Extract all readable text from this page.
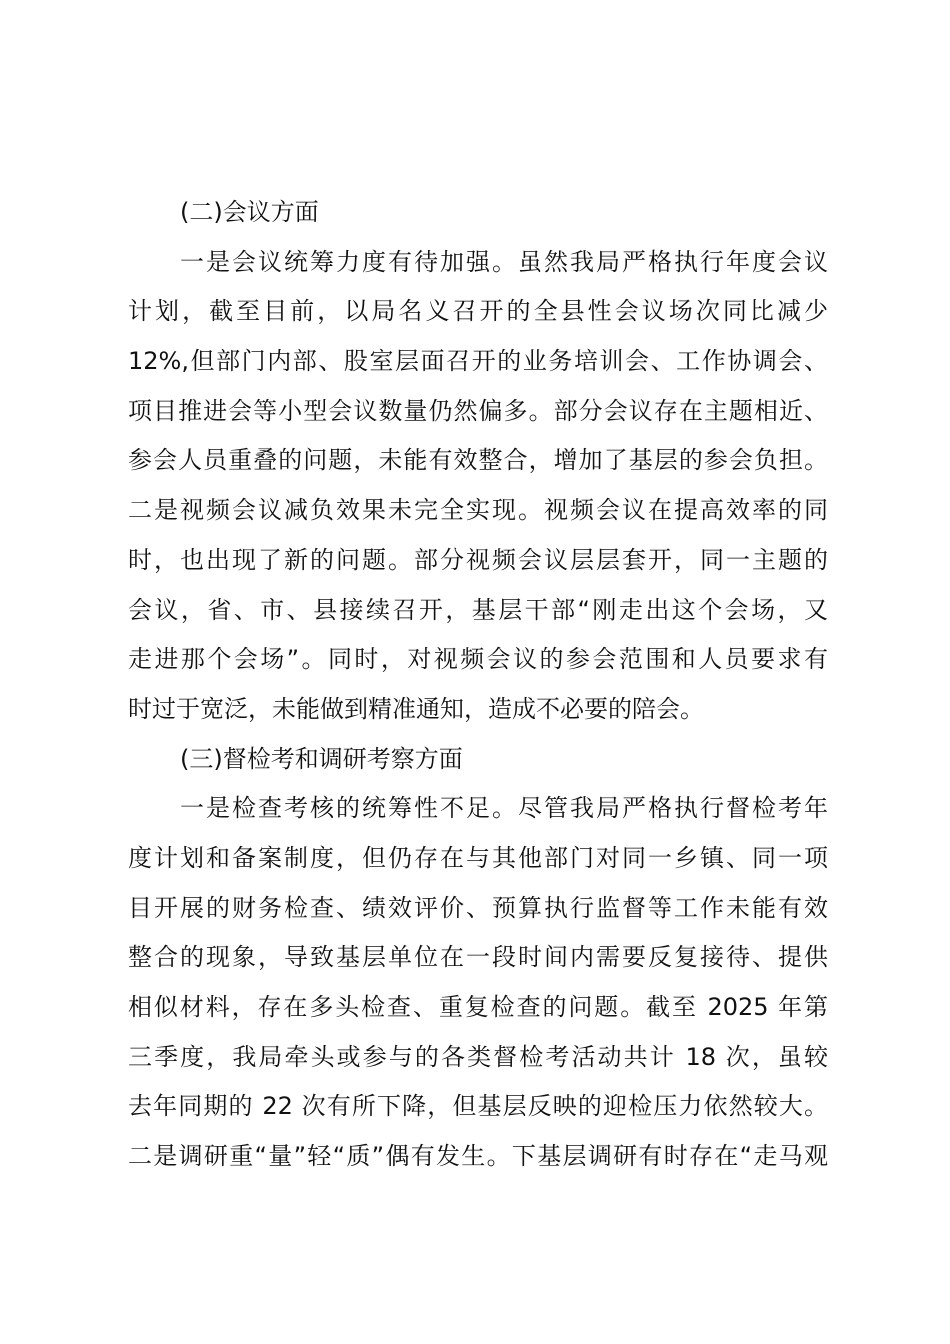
(二)会议方面
一是会议统筹力度有待加强。虽然我局严格执行年度会议
计划，截至目前，以局名义召开的全县性会议场次同比减少
12%,但部门内部、股室层面召开的业务培训会、工作协调会、
项目推进会等小型会议数量仍然偏多。部分会议存在主题相近、
参会人员重叠的问题，未能有效整合，增加了基层的参会负担。
二是视频会议减负效果未完全实现。视频会议在提高效率的同
时，也出现了新的问题。部分视频会议层层套开，同一主题的
会议，省、市、县接续召开，基层干部“刚走出这个会场，又
走进那个会场”。同时，对视频会议的参会范围和人员要求有
时过于宽泛，未能做到精准通知，造成不必要的陪会。
(三)督检考和调研考察方面
一是检查考核的统筹性不足。尽管我局严格执行督检考年
度计划和备案制度，但仍存在与其他部门对同一乡镇、同一项
目开展的财务检查、绩效评价、预算执行监督等工作未能有效
整合的现象，导致基层单位在一段时间内需要反复接待、提供
相似材料，存在多头检查、重复检查的问题。截至 2025 年第
三季度，我局牵头或参与的各类督检考活动共计 18 次，虽较
去年同期的 22 次有所下降，但基层反映的迎检压力依然较大。
二是调研重“量”轻“质”偶有发生。下基层调研有时存在“走马观
